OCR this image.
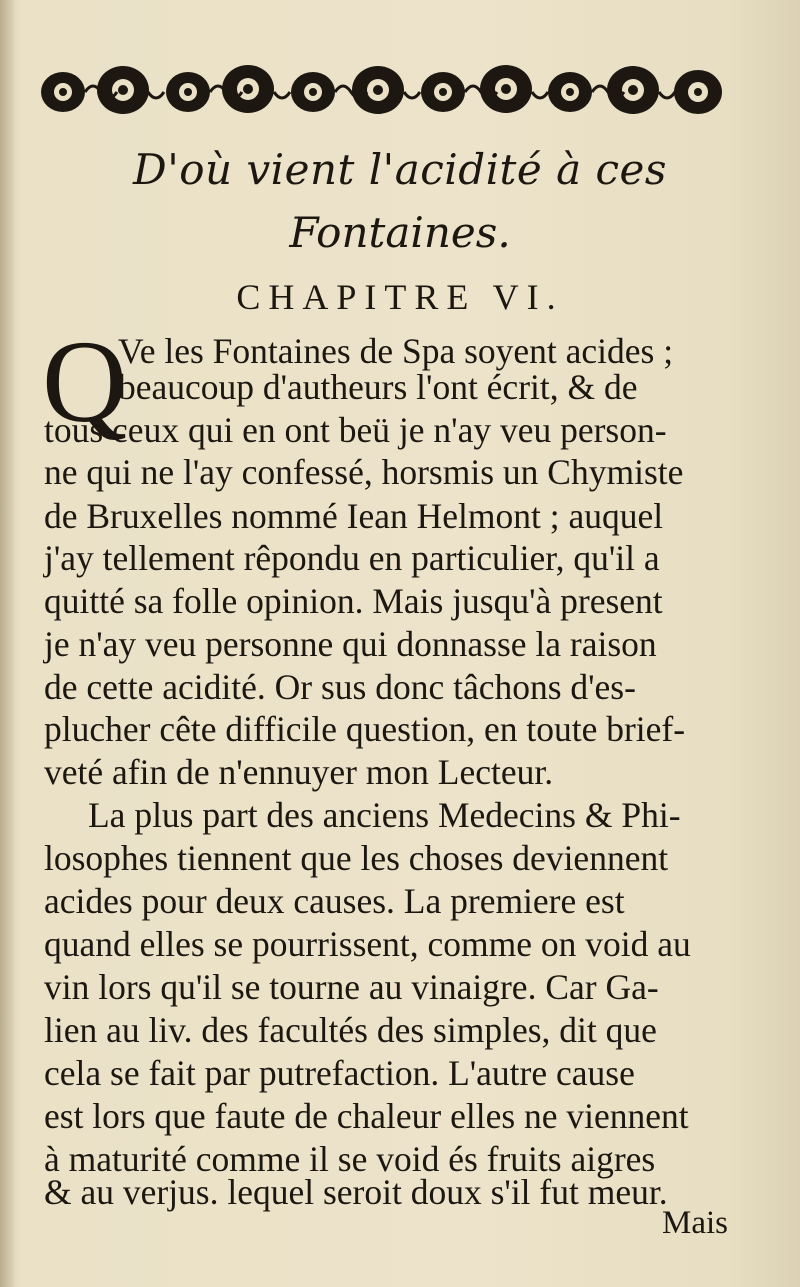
D'où vient l'acidité à ces
Fontaines.
CHAPITRE VI.
Q
Ve les Fontaines de Spa soyent acides ;
beaucoup d'autheurs l'ont écrit, & de
tous ceux qui en ont beü je n'ay veu person-
ne qui ne l'ay confessé, horsmis un Chymiste
de Bruxelles nommé Iean Helmont ; auquel
j'ay tellement rêpondu en particulier, qu'il a
quitté sa folle opinion. Mais jusqu'à present
je n'ay veu personne qui donnasse la raison
de cette acidité. Or sus donc tâchons d'es-
plucher cête difficile question, en toute brief-
veté afin de n'ennuyer mon Lecteur.
La plus part des anciens Medecins & Phi-
losophes tiennent que les choses deviennent
acides pour deux causes. La premiere est
quand elles se pourrissent, comme on void au
vin lors qu'il se tourne au vinaigre. Car Ga-
lien au liv. des facultés des simples, dit que
cela se fait par putrefaction. L'autre cause
est lors que faute de chaleur elles ne viennent
à maturité comme il se void és fruits aigres
& au verjus. lequel seroit doux s'il fut meur.
Mais
